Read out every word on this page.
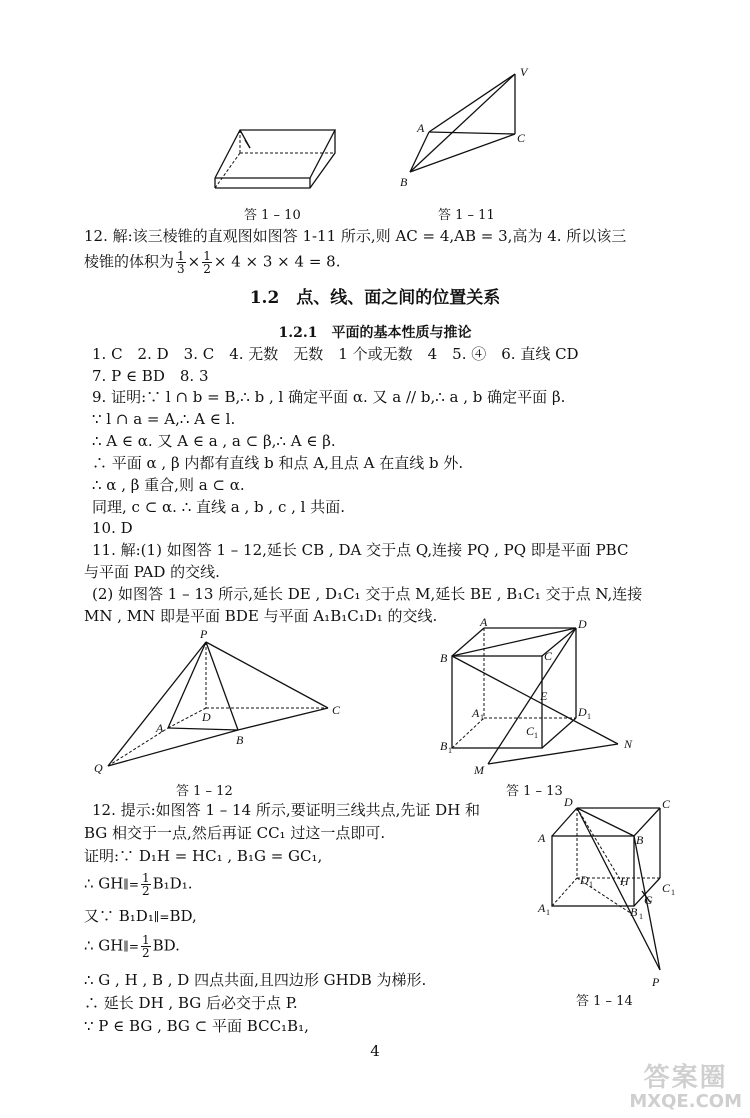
答 1 – 10
V
A
C
B
答 1 – 11
12. 解:该三棱锥的直观图如图答 1-11 所示,则 AC = 4,AB = 3,高为 4. 所以该三
棱锥的体积为 $\frac{1}{3} \times \frac{1}{2} \times 4 \times 3 \times 4 = 8$.
1.2　点、线、面之间的位置关系
1.2.1　平面的基本性质与推论
1. C　2. D　3. C　4. 无数　无数　1 个或无数　4　5. ④　6. 直线 CD
7. P ∈ BD　8. 3
9. 证明:∵ l ∩ b = B,∴ b , l 确定平面 α. 又 a // b,∴ a , b 确定平面 β.
∵ l ∩ a = A,∴ A ∈ l.
∴ A ∈ α. 又 A ∈ a , a ⊂ β,∴ A ∈ β.
∴ 平面 α , β 内都有直线 b 和点 A,且点 A 在直线 b 外.
∴ α , β 重合,则 a ⊂ α.
同理, c ⊂ α. ∴ 直线 a , b , c , l 共面.
10. D
11. 解:(1) 如图答 1 – 12,延长 CB , DA 交于点 Q,连接 PQ , PQ 即是平面 PBC
与平面 PAD 的交线.
(2) 如图答 1 – 13 所示,延长 DE , D₁C₁ 交于点 M,延长 BE , B₁C₁ 交于点 N,连接
MN , MN 即是平面 BDE 与平面 A₁B₁C₁D₁ 的交线.
P
D	C
A
B
Q
答 1 – 12
A	D
B	C
E
A 1	D 1
C 1
B 1	N
M
答 1 – 13
12. 提示:如图答 1 – 14 所示,要证明三线共点,先证 DH 和
BG 相交于一点,然后再证 CC₁ 过这一点即可.
证明:∵ D₁H = HC₁ , B₁G = GC₁,
∴ GH∥= $\frac{1}{2} B_1D_1$.
又∵ B₁D₁∥=BD,
∴ GH∥= $\frac{1}{2}$ BD.
∴ G , H , B , D 四点共面,且四边形 GHDB 为梯形.
∴ 延长 DH , BG 后必交于点 P.
∵ P ∈ BG , BG ⊂ 平面 BCC₁B₁,
D	C
A	B
D 1 H	C 1
G
A 1	B 1
P
答 1 – 14
4
答案圈
MXQE.COM
